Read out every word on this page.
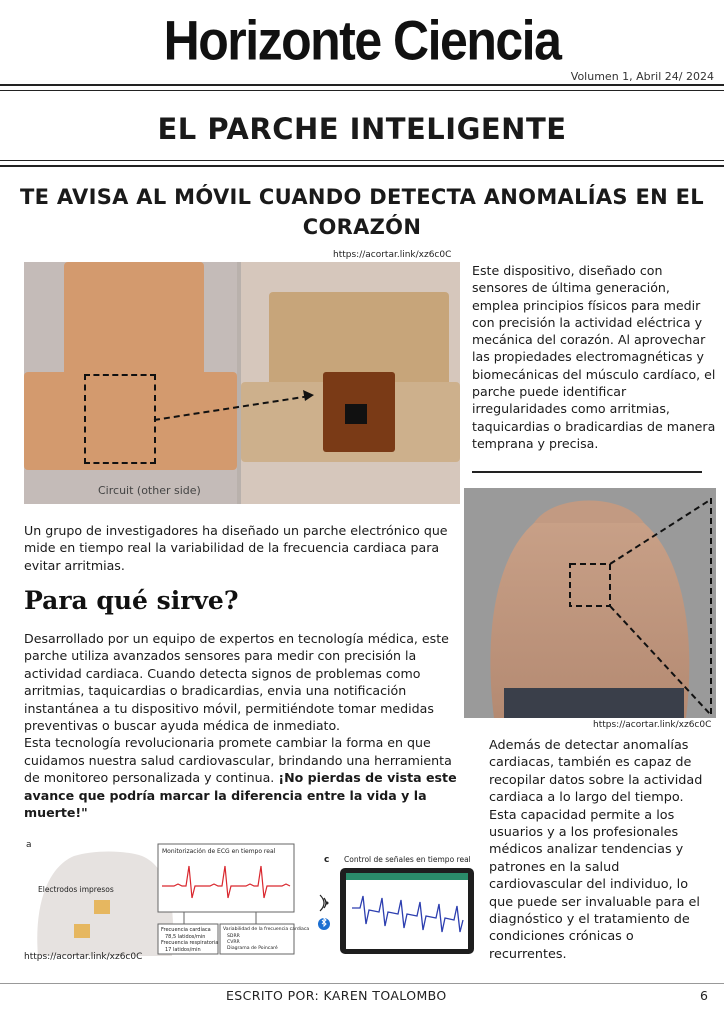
Horizonte Ciencia
Volumen 1, Abril 24/ 2024
EL PARCHE INTELIGENTE
TE AVISA AL MÓVIL CUANDO DETECTA ANOMALÍAS EN EL CORAZÓN
https://acortar.link/xz6c0C
Circuit (other side)
Este dispositivo, diseñado con sensores de última generación, emplea principios físicos para medir con precisión la actividad eléctrica y mecánica del corazón. Al aprovechar las propiedades electromagnéticas y biomecánicas del músculo cardíaco, el parche puede identificar irregularidades como arritmias, taquicardias o bradicardias de manera temprana y precisa.
Un grupo de investigadores ha diseñado un parche electrónico que mide en tiempo real la variabilidad de la frecuencia cardiaca para evitar arritmias.
https://acortar.link/xz6c0C
Para qué sirve?
Desarrollado por un equipo de expertos en tecnología médica, este parche utiliza avanzados sensores para medir con precisión la actividad cardiaca. Cuando detecta signos de problemas como arritmias, taquicardias o bradicardias, envia una notificación instantánea a tu dispositivo móvil, permitiéndote tomar medidas preventivas o buscar ayuda médica de inmediato.
Esta tecnología revolucionaria promete cambiar la forma en que cuidamos nuestra salud cardiovascular, brindando una herramienta de monitoreo personalizada y continua. ¡No pierdas de vista este avance que podría marcar la diferencia entre la vida y la muerte!"
Además de detectar anomalías cardiacas, también es capaz de recopilar datos sobre la actividad cardiaca a lo largo del tiempo. Esta capacidad permite a los usuarios y a los profesionales médicos analizar tendencias y patrones en la salud cardiovascular del individuo, lo que puede ser invaluable para el diagnóstico y el tratamiento de condiciones crónicas o recurrentes.
a
Electrodos impresos
Monitorización de ECG en tiempo real
Frecuencia cardíaca
78,5 latidos/min
Frecuencia respiratoria
17 latidos/min
Variabilidad de la frecuencia cardíaca
SDRR
CVRR
Diagrama de Poincaré
c Control de señales en tiempo real
https://acortar.link/xz6c0C
ESCRITO POR: KAREN TOALOMBO	6
